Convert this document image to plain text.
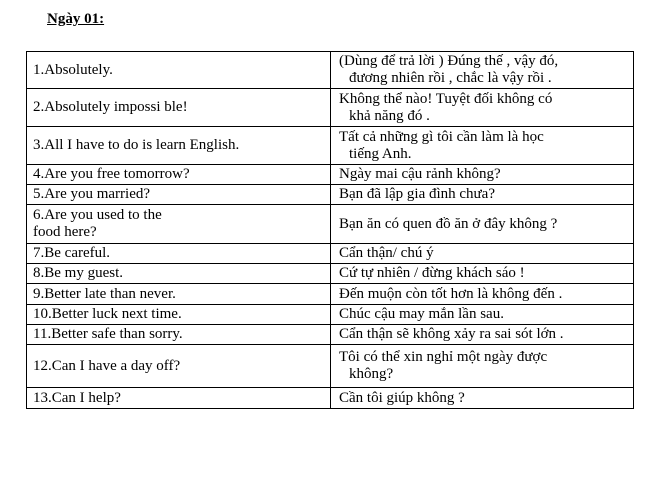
Ngày 01:
1.Absolutely.	(Dùng để trả lời ) Đúng thế , vậy đó,
đương nhiên rồi , chắc là vậy rồi .

2.Absolutely impossi ble!	Không thể nào! Tuyệt đối không có
khả năng đó .

3.All I have to do is learn English.	Tất cả những gì tôi cần làm là học
tiếng Anh.

4.Are you free tomorrow?	Ngày mai cậu rảnh không?

5.Are you married?	Bạn đã lập gia đình chưa?

6.Are you used to the
food here?	Bạn ăn có quen đồ ăn ở đây không ?

7.Be careful.	Cẩn thận/ chú ý

8.Be my guest.	Cứ tự nhiên / đừng khách sáo !

9.Better late than never.	Đến muộn còn tốt hơn là không đến .

10.Better luck next time.	Chúc cậu may mắn lần sau.

11.Better safe than sorry.	Cẩn thận sẽ không xảy ra sai sót lớn .

12.Can I have a day off?	Tôi có thể xin nghỉ một ngày được
không?

13.Can I help?	Cần tôi giúp không ?
